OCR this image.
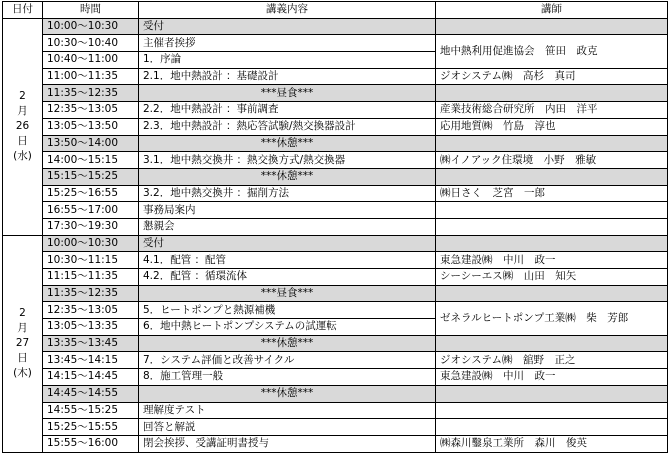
日付	時間	講義内容	講師

2
月
26
日
(水)	10:00～10:30	受付	
	10:30～10:40	主催者挨拶	地中熱利用促進協会　笹田　政克
	10:40～11:00	1．序論	
	11:00～11:35	2.1．地中熱設計 ：基礎設計	ジオシステム㈱　高杉　真司
	11:35～12:35	***昼食***	
	12:35～13:05	2.2．地中熱設計 ：事前調査	産業技術総合研究所　内田　洋平
	13:05～13:50	2.3．地中熱設計 ：熱応答試験/熱交換器設計	応用地質㈱　竹島　淳也
	13:50～14:00	***休憩***	
	14:00～15:15	3.1．地中熱交換井 ：熱交換方式/熱交換器	㈱イノアック住環境　小野　雅敏
	15:15～15:25	***休憩***	
	15:25～16:55	3.2．地中熱交換井 ：掘削方法	㈱日さく　芝宮　一郎
	16:55～17:00	事務局案内	
	17:30～19:30	懇親会	

2
月
27
日
(木)	10:00～10:30	受付	
	10:30～11:15	4.1．配管 ：配管	東急建設㈱　中川　政一
	11:15～11:35	4.2．配管 ：循環流体	シーシーエス㈱　山田　知矢
	11:35～12:35	***昼食***	
	12:35～13:05	5．ヒートポンプと熱源補機	ゼネラルヒートポンプ工業㈱　柴　芳郎
	13:05～13:35	6．地中熱ヒートポンプシステムの試運転	
	13:35～13:45	***休憩***	
	13:45～14:15	7．システム評価と改善サイクル	ジオシステム㈱　舘野　正之
	14:15～14:45	8．施工管理一般	東急建設㈱　中川　政一
	14:45～14:55	***休憩***	
	14:55～15:25	理解度テスト	
	15:25～15:55	回答と解説	
	15:55～16:00	閉会挨拶、受講証明書授与	㈱森川鑿泉工業所　森川　俊英
